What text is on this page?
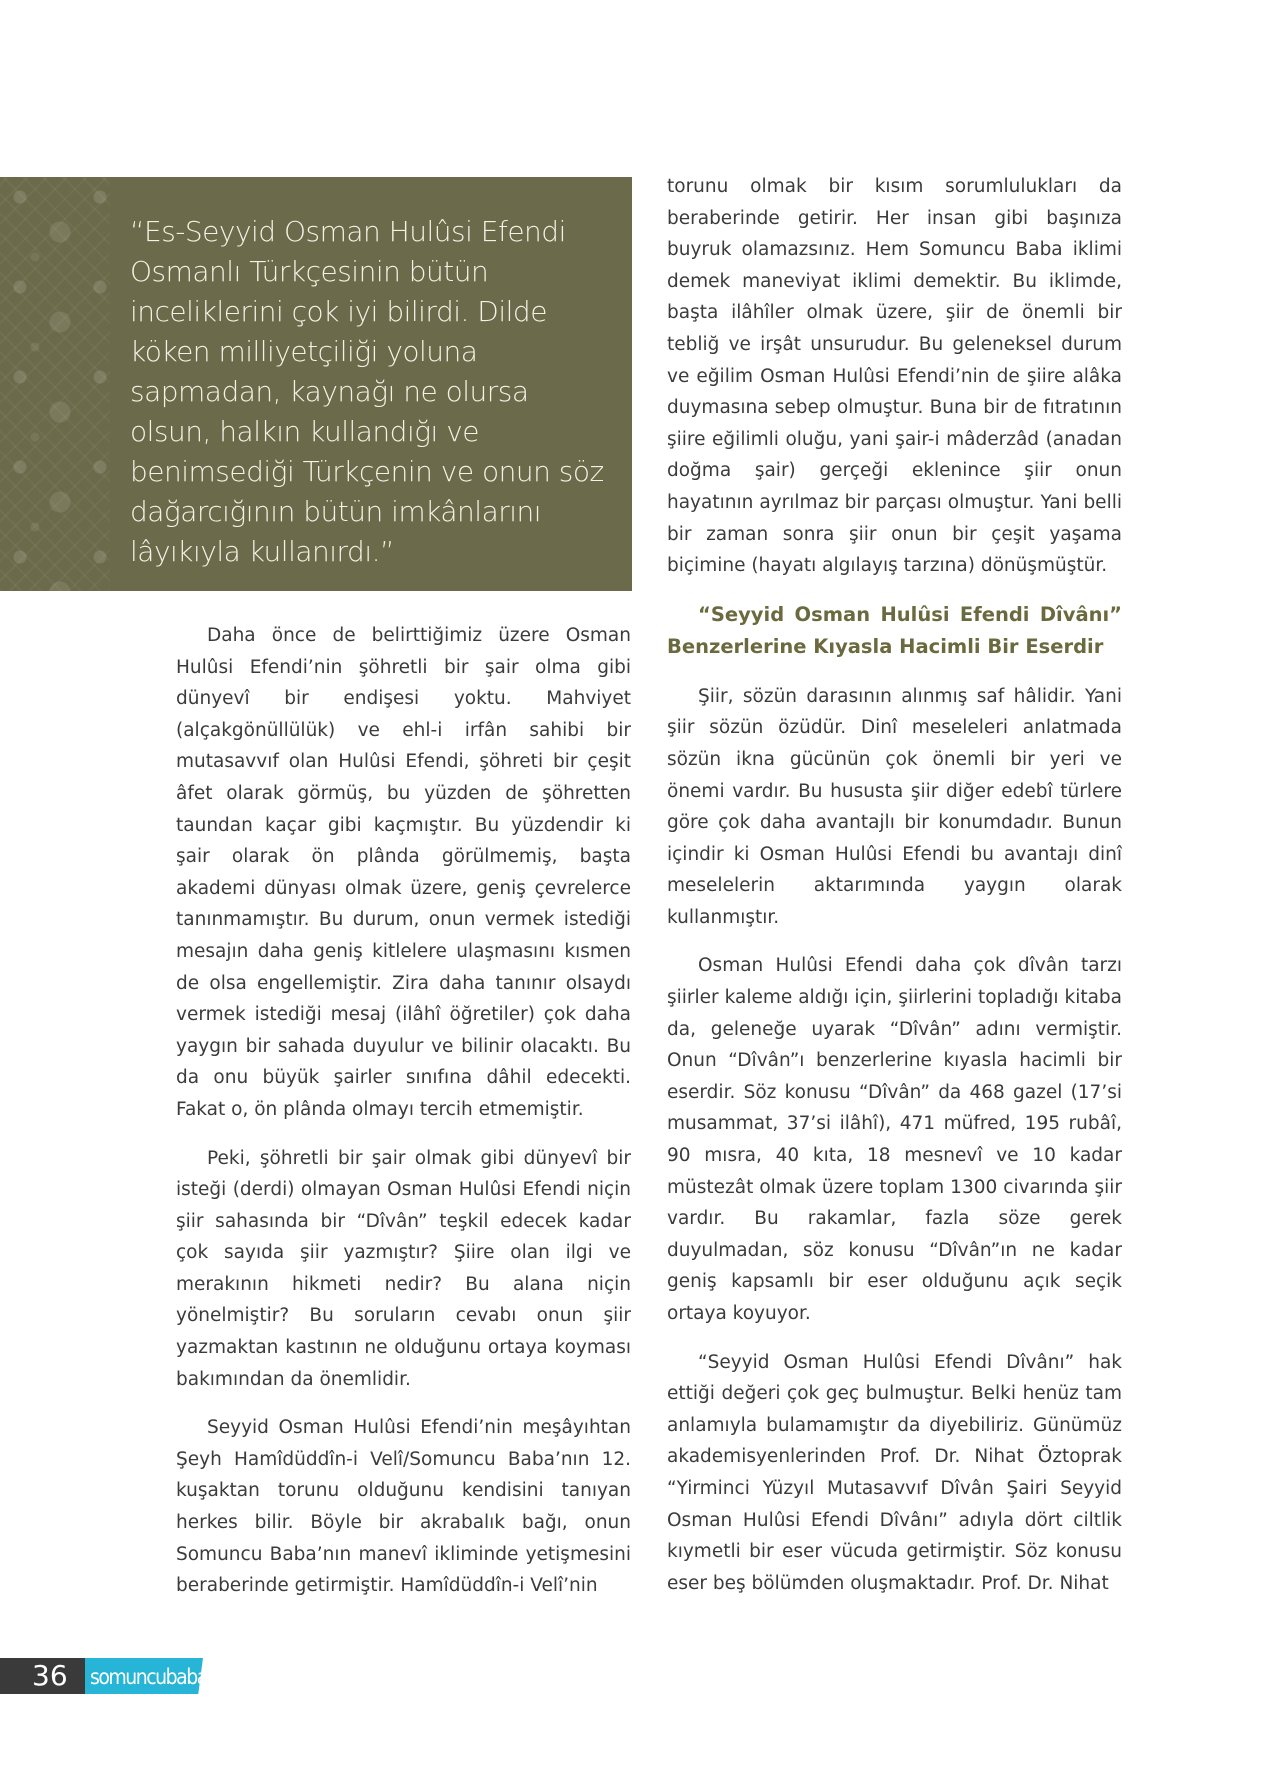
“Es-Seyyid Osman Hulûsi Efendi Osmanlı Türkçesinin bütün inceliklerini çok iyi bilirdi. Dilde köken milliyetçiliği yoluna sapmadan, kaynağı ne olursa olsun, halkın kullandığı ve benimsediği Türkçenin ve onun söz dağarcığının bütün imkânlarını lâyıkıyla kullanırdı.”

Daha önce de belirttiğimiz üzere Osman Hulûsi Efendi’nin şöhretli bir şair olma gibi dünyevî bir endişesi yoktu. Mahviyet (alçakgönüllülük) ve ehl-i irfân sahibi bir mutasavvıf olan Hulûsi Efendi, şöhreti bir çeşit âfet olarak görmüş, bu yüzden de şöhretten taundan kaçar gibi kaçmıştır. Bu yüzdendir ki şair olarak ön plânda görülmemiş, başta akademi dünyası olmak üzere, geniş çevrelerce tanınmamıştır. Bu durum, onun vermek istediği mesajın daha geniş kitlelere ulaşmasını kısmen de olsa engellemiştir. Zira daha tanınır olsaydı vermek istediği mesaj (ilâhî öğretiler) çok daha yaygın bir sahada duyulur ve bilinir olacaktı. Bu da onu büyük şairler sınıfına dâhil edecekti. Fakat o, ön plânda olmayı tercih etmemiştir.

Peki, şöhretli bir şair olmak gibi dünyevî bir isteği (derdi) olmayan Osman Hulûsi Efendi niçin şiir sahasında bir “Dîvân” teşkil edecek kadar çok sayıda şiir yazmıştır? Şiire olan ilgi ve merakının hikmeti nedir? Bu alana niçin yönelmiştir? Bu soruların cevabı onun şiir yazmaktan kastının ne olduğunu ortaya koyması bakımından da önemlidir.

Seyyid Osman Hulûsi Efendi’nin meşâyıhtan Şeyh Hamîdüddîn-i Velî/Somuncu Baba’nın 12. kuşaktan torunu olduğunu kendisini tanıyan herkes bilir. Böyle bir akrabalık bağı, onun Somuncu Baba’nın manevî ikliminde yetişmesini beraberinde getirmiştir. Hamîdüddîn-i Velî’nin

torunu olmak bir kısım sorumlulukları da beraberinde getirir. Her insan gibi başınıza buyruk olamazsınız. Hem Somuncu Baba iklimi demek maneviyat iklimi demektir. Bu iklimde, başta ilâhîler olmak üzere, şiir de önemli bir tebliğ ve irşât unsurudur. Bu geleneksel durum ve eğilim Osman Hulûsi Efendi’nin de şiire alâka duymasına sebep olmuştur. Buna bir de fıtratının şiire eğilimli oluğu, yani şair-i mâderzâd (anadan doğma şair) gerçeği eklenince şiir onun hayatının ayrılmaz bir parçası olmuştur. Yani belli bir zaman sonra şiir onun bir çeşit yaşama biçimine (hayatı algılayış tarzına) dönüşmüştür.

“Seyyid Osman Hulûsi Efendi Dîvânı” Benzerlerine Kıyasla Hacimli Bir Eserdir

Şiir, sözün darasının alınmış saf hâlidir. Yani şiir sözün özüdür. Dinî meseleleri anlatmada sözün ikna gücünün çok önemli bir yeri ve önemi vardır. Bu hususta şiir diğer edebî türlere göre çok daha avantajlı bir konumdadır. Bunun içindir ki Osman Hulûsi Efendi bu avantajı dinî meselelerin aktarımında yaygın olarak kullanmıştır.

Osman Hulûsi Efendi daha çok dîvân tarzı şiirler kaleme aldığı için, şiirlerini topladığı kitaba da, geleneğe uyarak “Dîvân” adını vermiştir. Onun “Dîvân”ı benzerlerine kıyasla hacimli bir eserdir. Söz konusu “Dîvân” da 468 gazel (17’si musammat, 37’si ilâhî), 471 müfred, 195 rubâî, 90 mısra, 40 kıta, 18 mesnevî ve 10 kadar müstezât olmak üzere toplam 1300 civarında şiir vardır. Bu rakamlar, fazla söze gerek duyulmadan, söz konusu “Dîvân”ın ne kadar geniş kapsamlı bir eser olduğunu açık seçik ortaya koyuyor.

“Seyyid Osman Hulûsi Efendi Dîvânı” hak ettiği değeri çok geç bulmuştur. Belki henüz tam anlamıyla bulamamıştır da diyebiliriz. Günümüz akademisyenlerinden Prof. Dr. Nihat Öztoprak “Yirminci Yüzyıl Mutasavvıf Dîvân Şairi Seyyid Osman Hulûsi Efendi Dîvânı” adıyla dört ciltlik kıymetli bir eser vücuda getirmiştir. Söz konusu eser beş bölümden oluşmaktadır. Prof. Dr. Nihat

36 somuncubaba
